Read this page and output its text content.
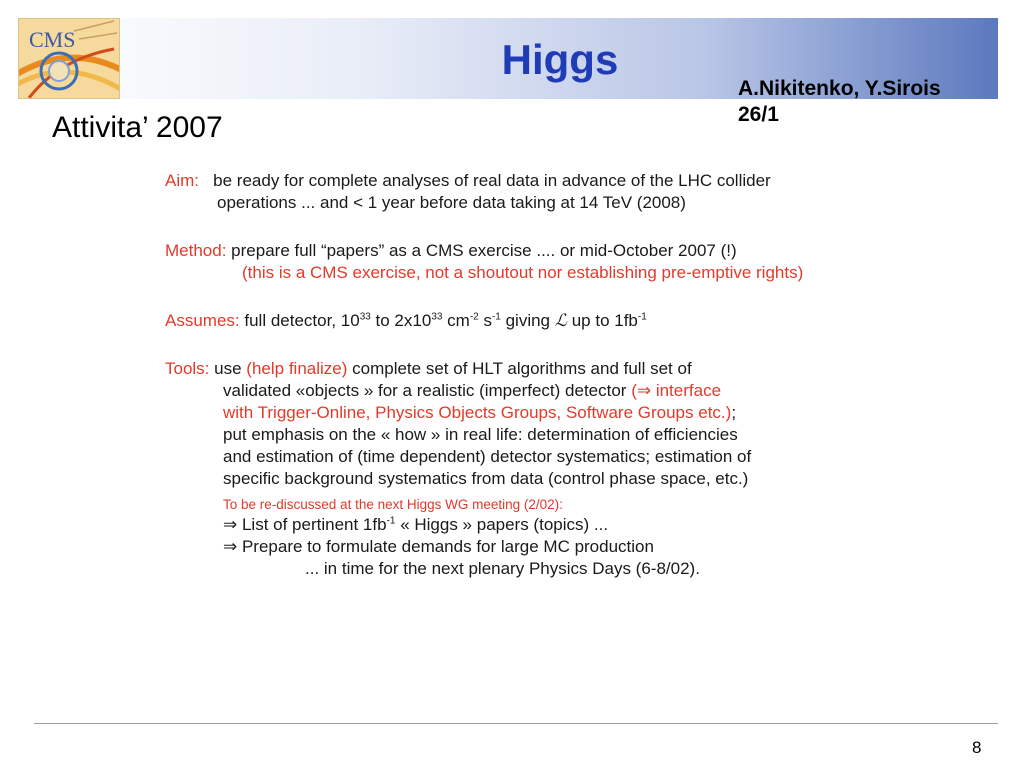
CMS	Higgs
A.Nikitenko, Y.Sirois
26/1
Attivita’ 2007
Aim: be ready for complete analyses of real data in advance of the LHC collider
operations ... and < 1 year before data taking at 14 TeV (2008)
Method: prepare full “papers” as a CMS exercise .... or mid-October 2007 (!)
(this is a CMS exercise, not a shoutout nor establishing pre-emptive rights)
Assumes: full detector, $10^{33}$ to $2x10^{33}$ $cm^{-2}$ $s^{-1}$ giving ℒ up to $1fb^{-1}$
Tools: use (help finalize) complete set of HLT algorithms and full set of
validated «objects » for a realistic (imperfect) detector (⇒ interface
with Trigger-Online, Physics Objects Groups, Software Groups etc.);
put emphasis on the « how » in real life: determination of efficiencies
and estimation of (time dependent) detector systematics; estimation of
specific background systematics from data (control phase space, etc.)
To be re-discussed at the next Higgs WG meeting (2/02):
⇒ List of pertinent $1fb^{-1}$ « Higgs » papers (topics) ...
⇒ Prepare to formulate demands for large MC production
... in time for the next plenary Physics Days (6-8/02).
8
